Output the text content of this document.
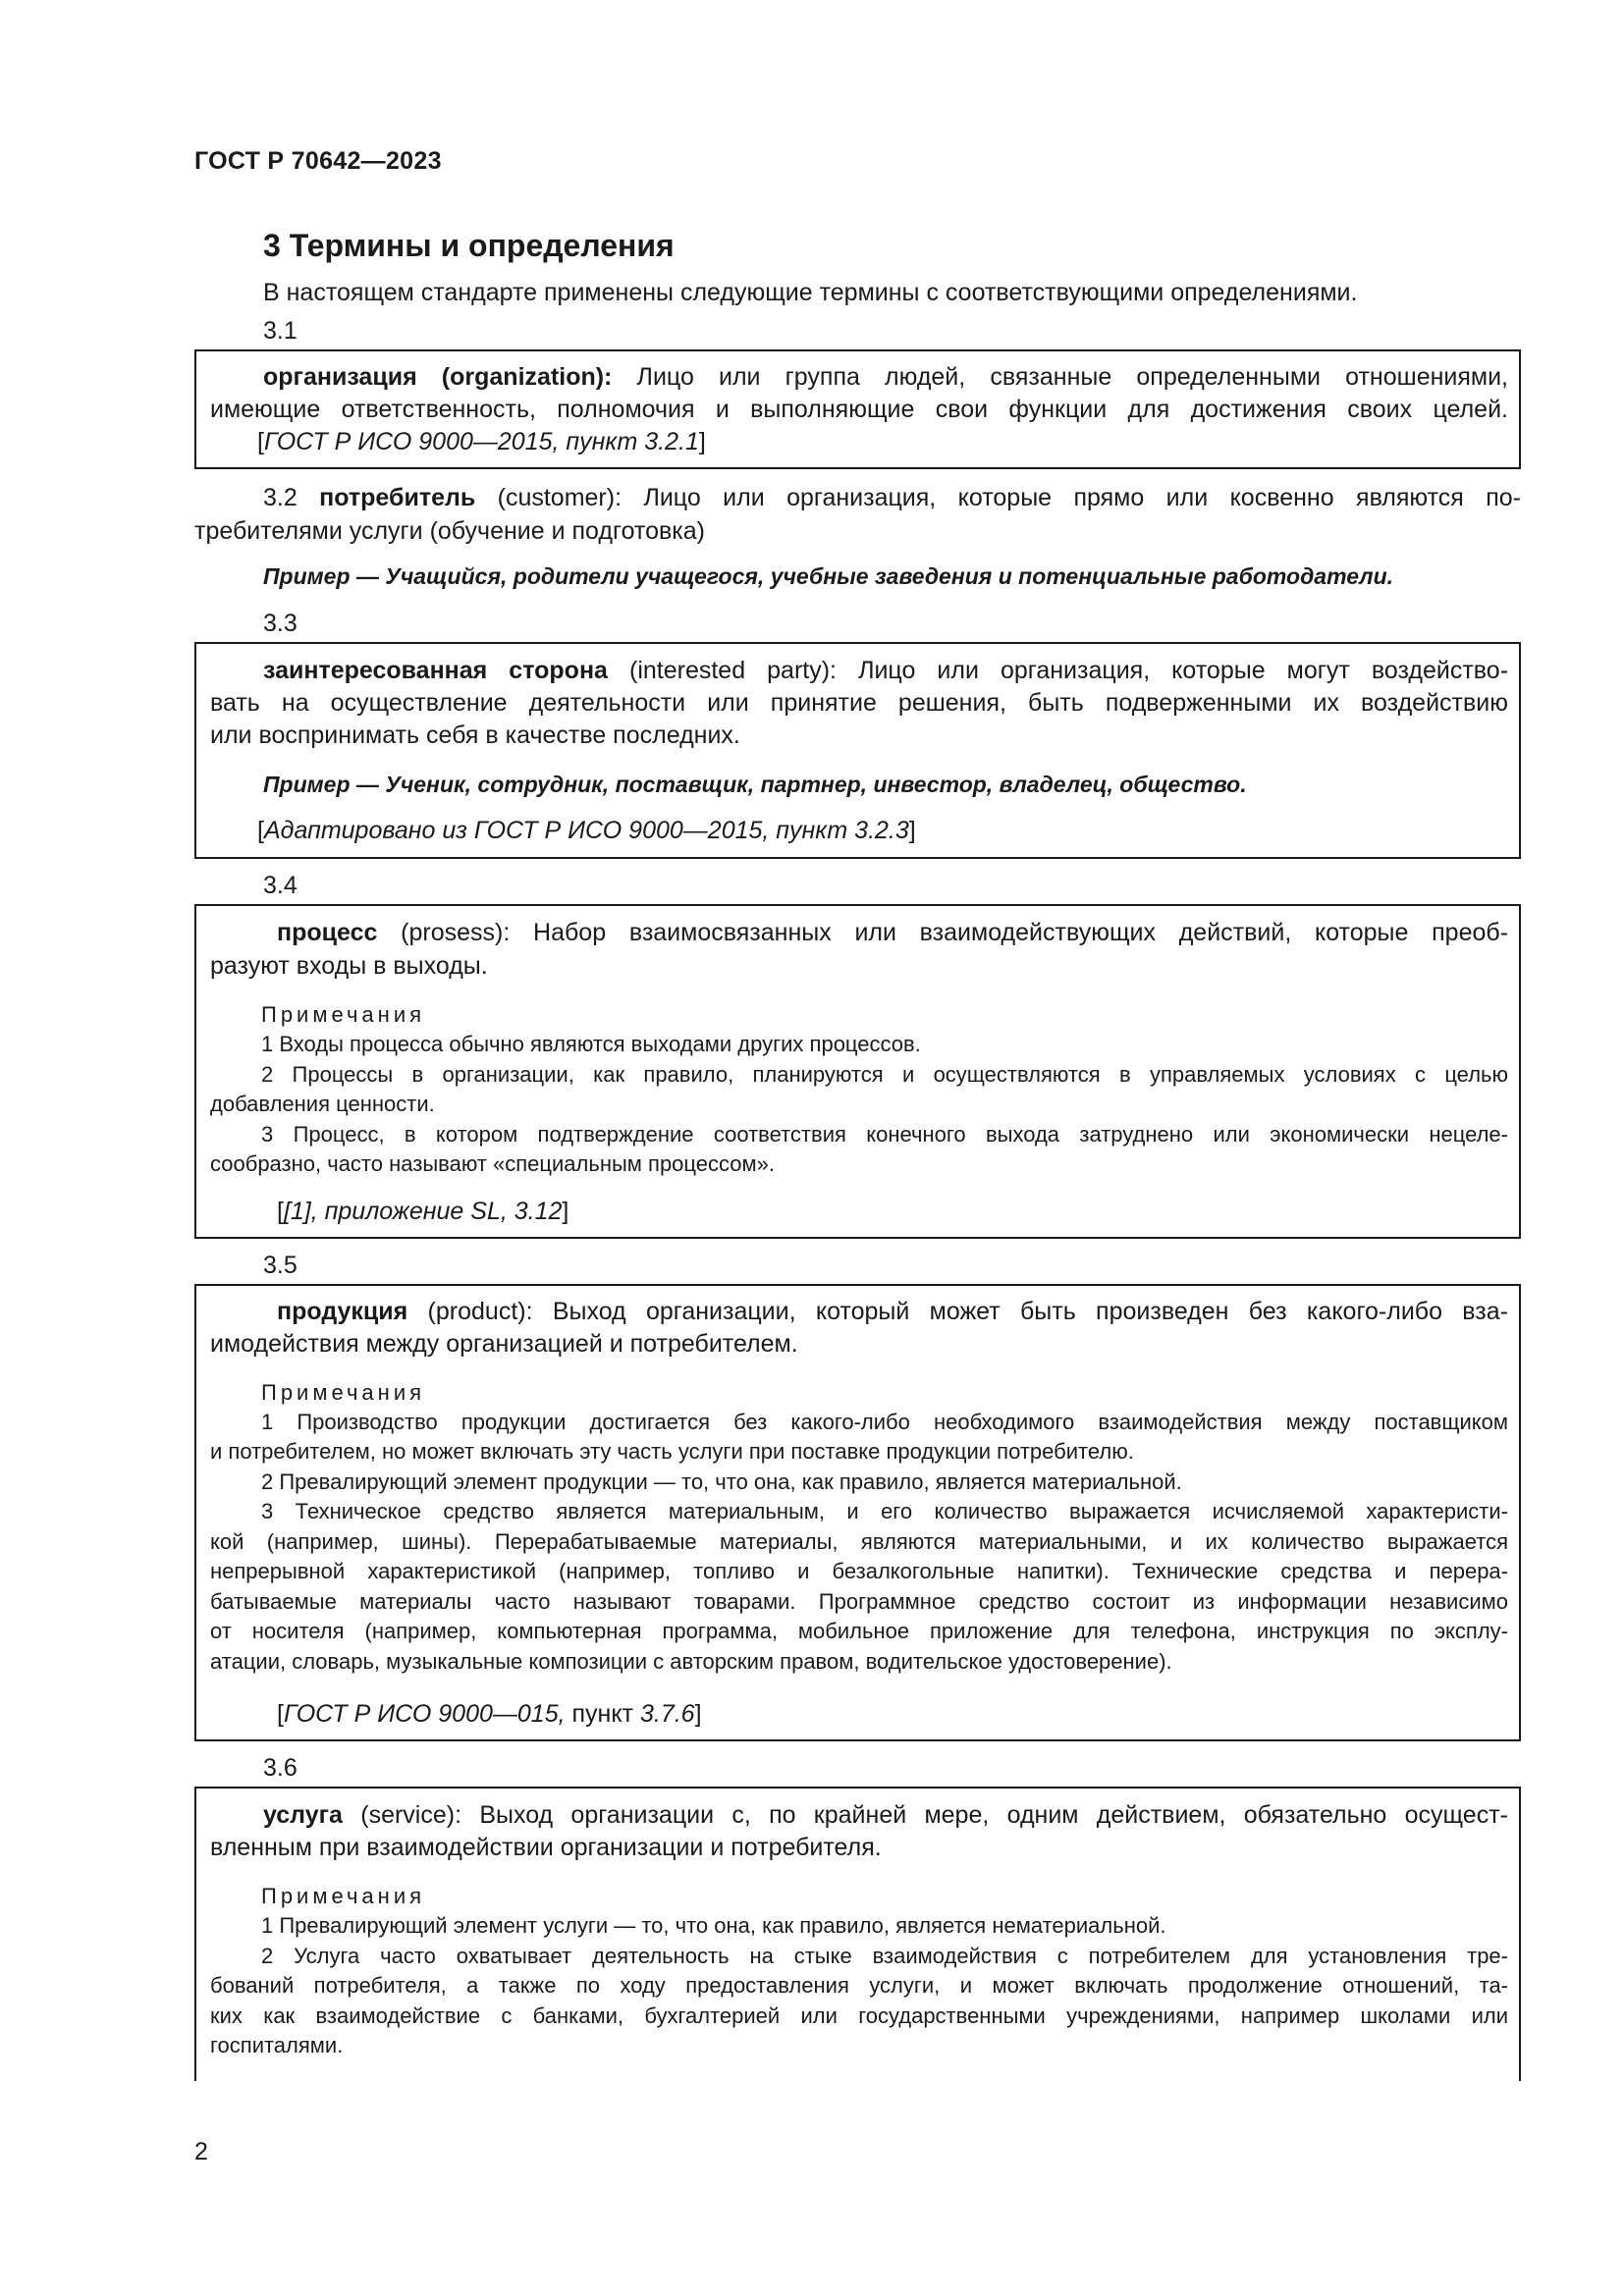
ГОСТ Р 70642—2023
3 Термины и определения
В настоящем стандарте применены следующие термины с соответствующими определениями.
3.1
организация (organization): Лицо или группа людей, связанные определенными отношениями,
имеющие ответственность, полномочия и выполняющие свои функции для достижения своих целей.
[ГОСТ Р ИСО 9000—2015, пункт 3.2.1]
3.2 потребитель (customer): Лицо или организация, которые прямо или косвенно являются по-
требителями услуги (обучение и подготовка)
Пример — Учащийся, родители учащегося, учебные заведения и потенциальные работодатели.
3.3
заинтересованная сторона (interested party): Лицо или организация, которые могут воздейство-
вать на осуществление деятельности или принятие решения, быть подверженными их воздействию
или воспринимать себя в качестве последних.
Пример — Ученик, сотрудник, поставщик, партнер, инвестор, владелец, общество.
[Адаптировано из ГОСТ Р ИСО 9000—2015, пункт 3.2.3]
3.4
процесс (prosess): Набор взаимосвязанных или взаимодействующих действий, которые преоб-
разуют входы в выходы.
Примечания
1 Входы процесса обычно являются выходами других процессов.
2 Процессы в организации, как правило, планируются и осуществляются в управляемых условиях с целью
добавления ценности.
3 Процесс, в котором подтверждение соответствия конечного выхода затруднено или экономически нецеле-
сообразно, часто называют «специальным процессом».
[[1], приложение SL, 3.12]
3.5
продукция (product): Выход организации, который может быть произведен без какого-либо вза-
имодействия между организацией и потребителем.
Примечания
1 Производство продукции достигается без какого-либо необходимого взаимодействия между поставщиком
и потребителем, но может включать эту часть услуги при поставке продукции потребителю.
2 Превалирующий элемент продукции — то, что она, как правило, является материальной.
3 Техническое средство является материальным, и его количество выражается исчисляемой характеристи-
кой (например, шины). Перерабатываемые материалы, являются материальными, и их количество выражается
непрерывной характеристикой (например, топливо и безалкогольные напитки). Технические средства и перера-
батываемые материалы часто называют товарами. Программное средство состоит из информации независимо
от носителя (например, компьютерная программа, мобильное приложение для телефона, инструкция по эксплу-
атации, словарь, музыкальные композиции с авторским правом, водительское удостоверение).
[ГОСТ Р ИСО 9000—015, пункт 3.7.6]
3.6
услуга (service): Выход организации с, по крайней мере, одним действием, обязательно осущест-
вленным при взаимодействии организации и потребителя.
Примечания
1 Превалирующий элемент услуги — то, что она, как правило, является нематериальной.
2 Услуга часто охватывает деятельность на стыке взаимодействия с потребителем для установления тре-
бований потребителя, а также по ходу предоставления услуги, и может включать продолжение отношений, та-
ких как взаимодействие с банками, бухгалтерией или государственными учреждениями, например школами или
госпиталями.
2
